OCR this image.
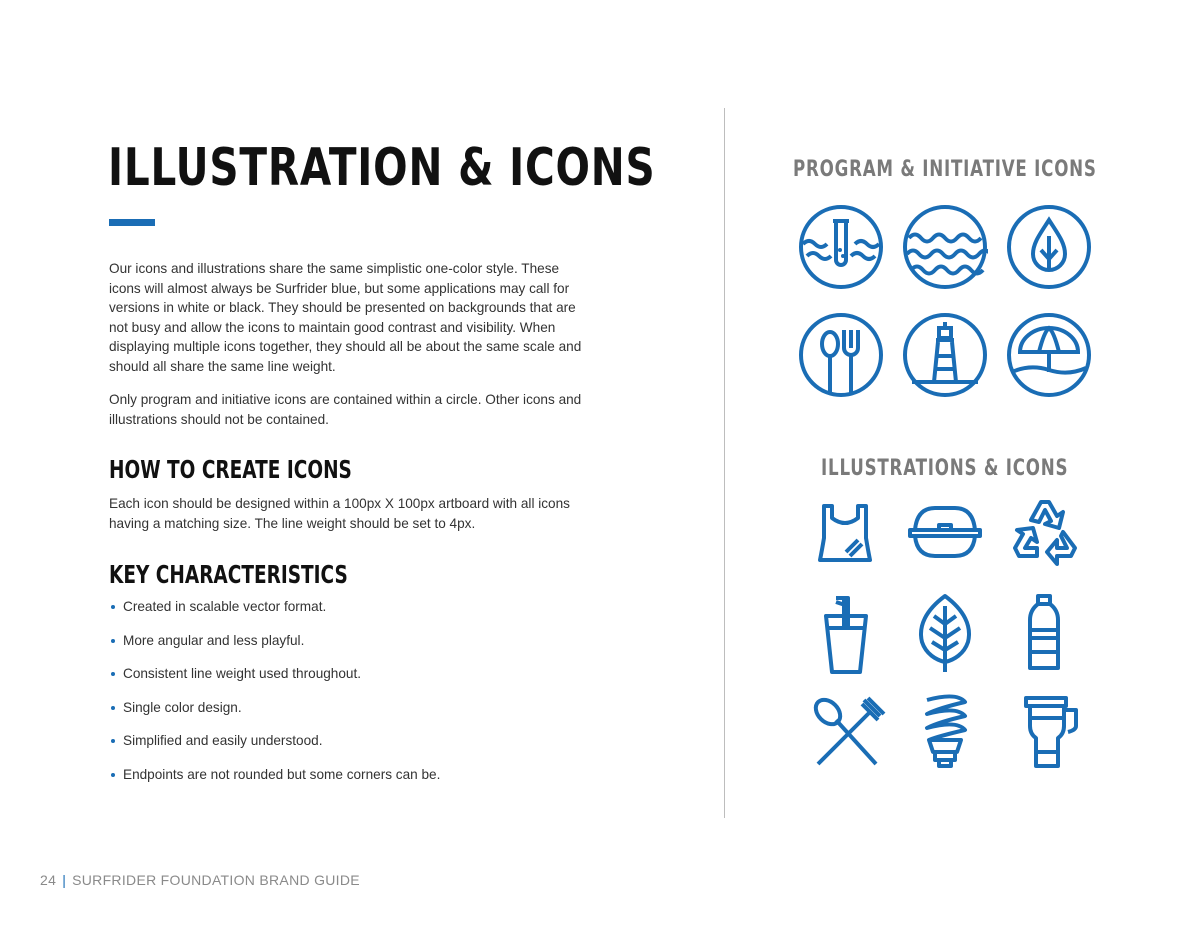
ILLUSTRATION & ICONS

Our icons and illustrations share the same simplistic one-color style. These icons will almost always be Surfrider blue, but some applications may call for versions in white or black. They should be presented on backgrounds that are not busy and allow the icons to maintain good contrast and visibility. When displaying multiple icons together, they should all be about the same scale and should all share the same line weight.

Only program and initiative icons are contained within a circle. Other icons and illustrations should not be contained.

HOW TO CREATE ICONS

Each icon should be designed within a 100px X 100px artboard with all icons having a matching size. The line weight should be set to 4px.

KEY CHARACTERISTICS
Created in scalable vector format.
More angular and less playful.
Consistent line weight used throughout.
Single color design.
Simplified and easily understood.
Endpoints are not rounded but some corners can be.
PROGRAM & INITIATIVE ICONS
ILLUSTRATIONS & ICONS
24 | SURFRIDER FOUNDATION BRAND GUIDE
